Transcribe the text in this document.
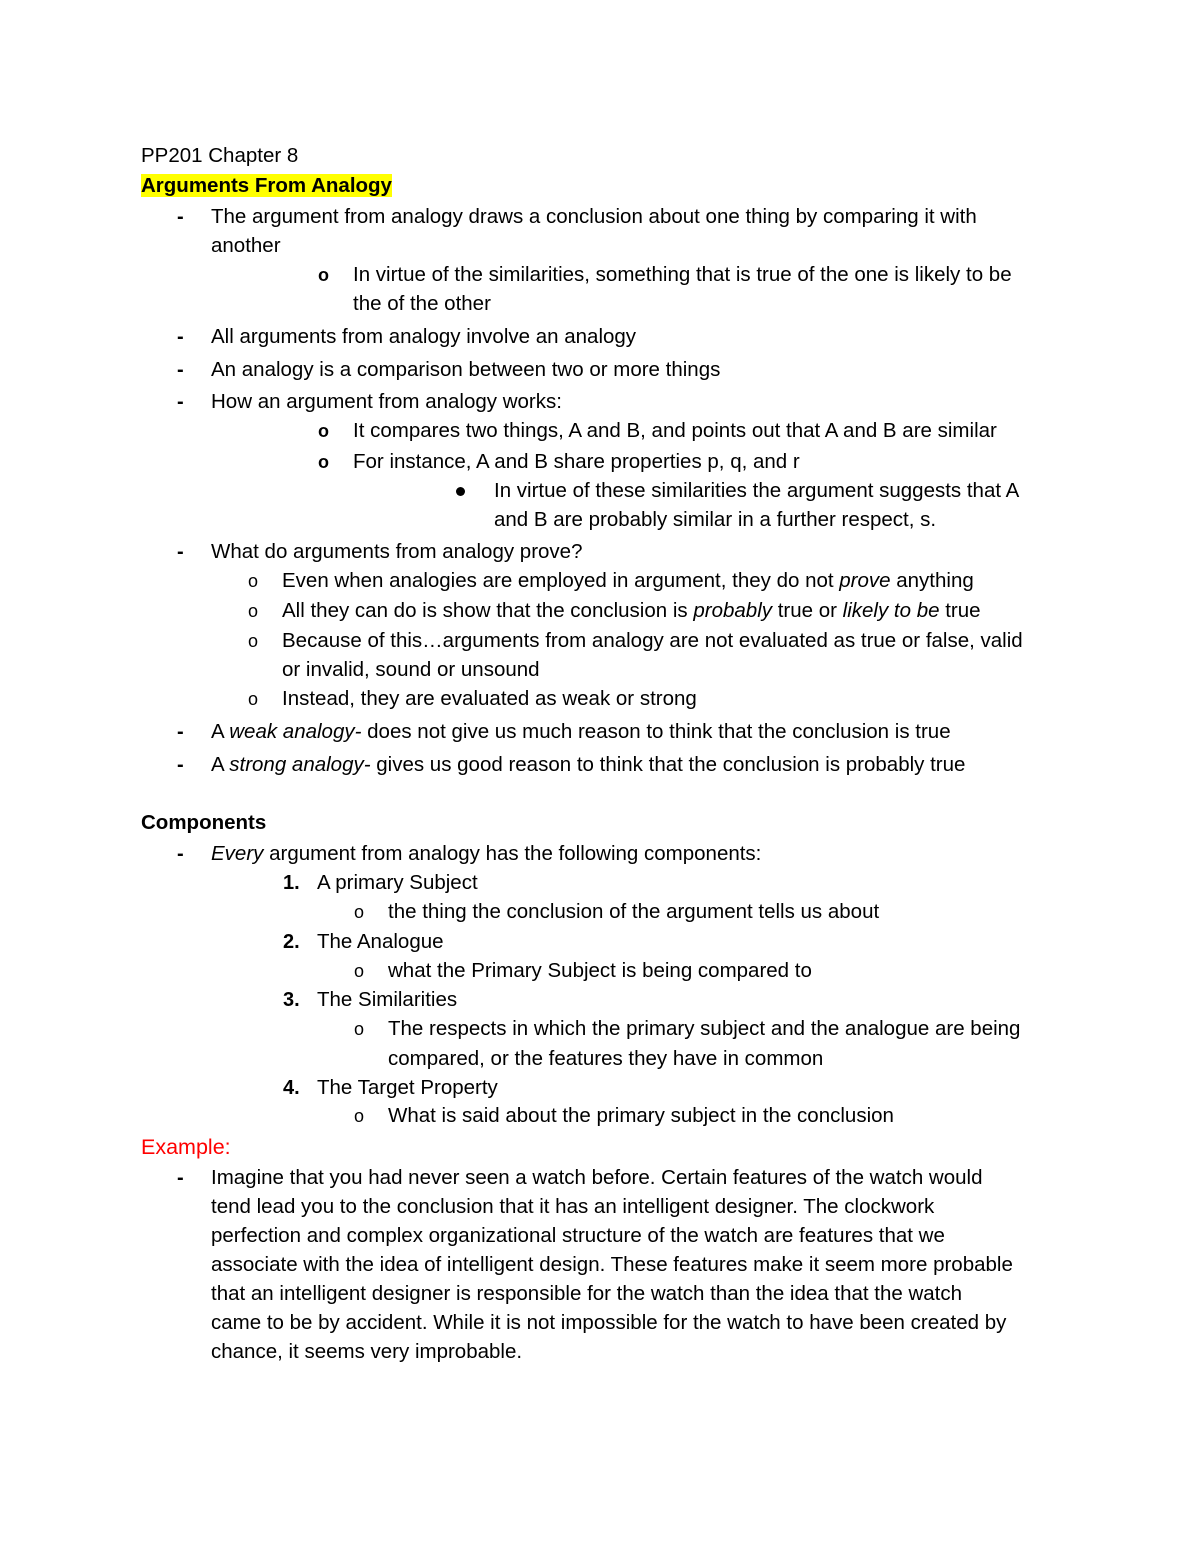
PP201 Chapter 8
Arguments From Analogy
- The argument from analogy draws a conclusion about one thing by comparing it with
another
o In virtue of the similarities, something that is true of the one is likely to be
the of the other
- All arguments from analogy involve an analogy
- An analogy is a comparison between two or more things
- How an argument from analogy works:
o It compares two things, A and B, and points out that A and B are similar
o For instance, A and B share properties p, q, and r
In virtue of these similarities the argument suggests that A
and B are probably similar in a further respect, s.
- What do arguments from analogy prove?
o Even when analogies are employed in argument, they do not prove anything
o All they can do is show that the conclusion is probably true or likely to be true
o Because of this…arguments from analogy are not evaluated as true or false, valid
or invalid, sound or unsound
o Instead, they are evaluated as weak or strong
- A weak analogy- does not give us much reason to think that the conclusion is true
- A strong analogy- gives us good reason to think that the conclusion is probably true
Components
- Every argument from analogy has the following components:
1. A primary Subject
o the thing the conclusion of the argument tells us about
2. The Analogue
o what the Primary Subject is being compared to
3. The Similarities
o The respects in which the primary subject and the analogue are being
compared, or the features they have in common
4. The Target Property
o What is said about the primary subject in the conclusion
Example:
- Imagine that you had never seen a watch before. Certain features of the watch would
tend lead you to the conclusion that it has an intelligent designer. The clockwork
perfection and complex organizational structure of the watch are features that we
associate with the idea of intelligent design. These features make it seem more probable
that an intelligent designer is responsible for the watch than the idea that the watch
came to be by accident. While it is not impossible for the watch to have been created by
chance, it seems very improbable.
